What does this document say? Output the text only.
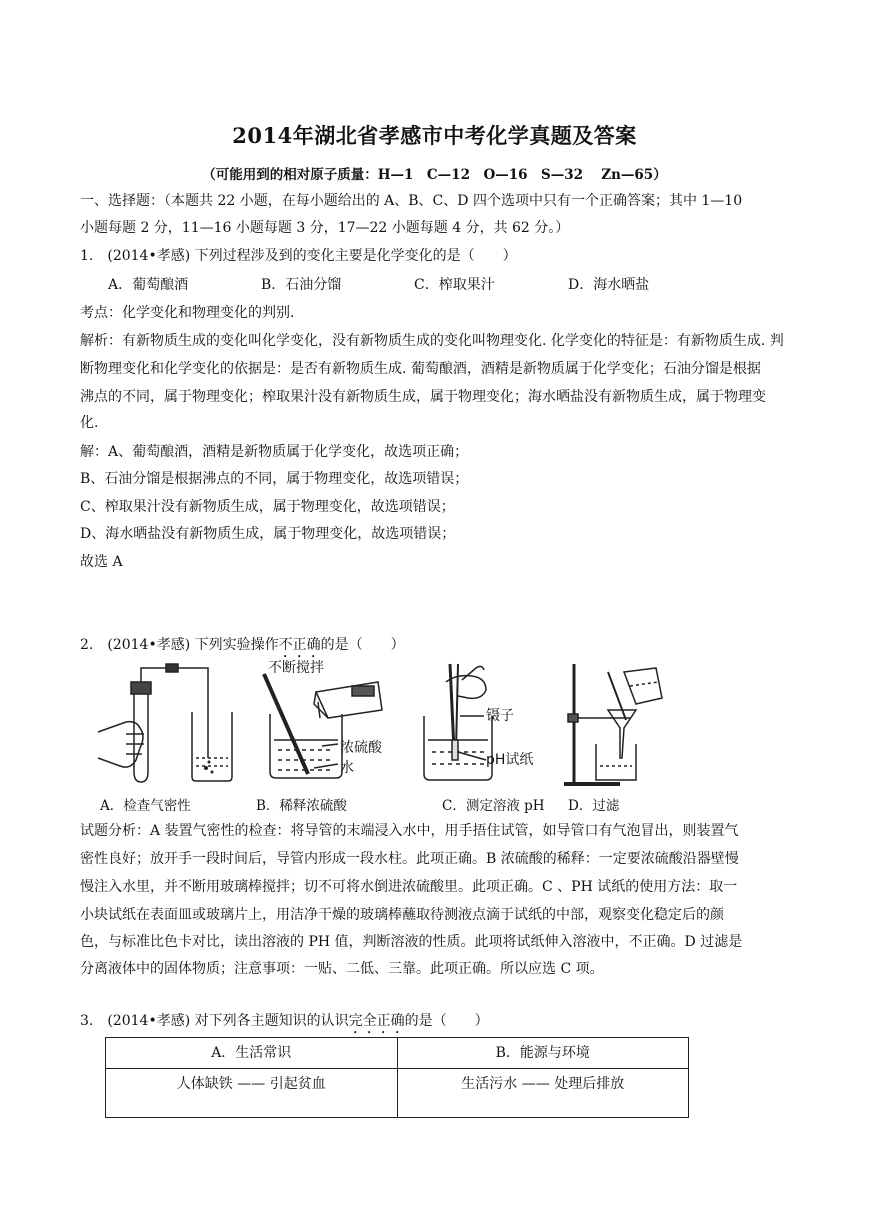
2014年湖北省孝感市中考化学真题及答案
（可能用到的相对原子质量：H—1　C—12　O—16　S—32　 Zn—65）
一、选择题：（本题共 22 小题，在每小题给出的 A、B、C、D 四个选项中只有一个正确答案；其中 1—10
小题每题 2 分，11—16 小题每题 3 分，17—22 小题每题 4 分，共 62 分。）
1.　(2014•孝感) 下列过程涉及到的变化主要是化学变化的是（　　）
A．葡萄酿酒	B．石油分馏	C．榨取果汁	D．海水晒盐
考点：化学变化和物理变化的判别.
解析：有新物质生成的变化叫化学变化，没有新物质生成的变化叫物理变化. 化学变化的特征是：有新物质生成. 判
断物理变化和化学变化的依据是：是否有新物质生成. 葡萄酿酒，酒精是新物质属于化学变化；石油分馏是根据
沸点的不同，属于物理变化；榨取果汁没有新物质生成，属于物理变化；海水晒盐没有新物质生成，属于物理变
化.
解：A、葡萄酿酒，酒精是新物质属于化学变化，故选项正确；
B、石油分馏是根据沸点的不同，属于物理变化，故选项错误；
C、榨取果汁没有新物质生成，属于物理变化，故选项错误；
D、海水晒盐没有新物质生成，属于物理变化，故选项错误；
故选 A
2.　(2014•孝感) 下列实验操作不正确的是（　　）
不断搅拌
浓硫酸
水
镊子
pH试纸
A．检查气密性	B．稀释浓硫酸	C．测定溶液 pH D．过滤
试题分析：A 装置气密性的检查：将导管的末端浸入水中，用手捂住试管，如导管口有气泡冒出，则装置气
密性良好；放开手一段时间后，导管内形成一段水柱。此项正确。B 浓硫酸的稀释：一定要浓硫酸沿器壁慢
慢注入水里，并不断用玻璃棒搅拌；切不可将水倒进浓硫酸里。此项正确。C 、PH 试纸的使用方法：取一
小块试纸在表面皿或玻璃片上，用洁净干燥的玻璃棒蘸取待测液点滴于试纸的中部，观察变化稳定后的颜
色，与标准比色卡对比，读出溶液的 PH 值，判断溶液的性质。此项将试纸伸入溶液中，不正确。D 过滤是
分离液体中的固体物质；注意事项：一贴、二低、三靠。此项正确。所以应选 C 项。
3.　(2014•孝感) 对下列各主题知识的认识完全正确的是（　　）
A．生活常识	B．能源与环境
人体缺铁 —— 引起贫血	生活污水 —— 处理后排放
